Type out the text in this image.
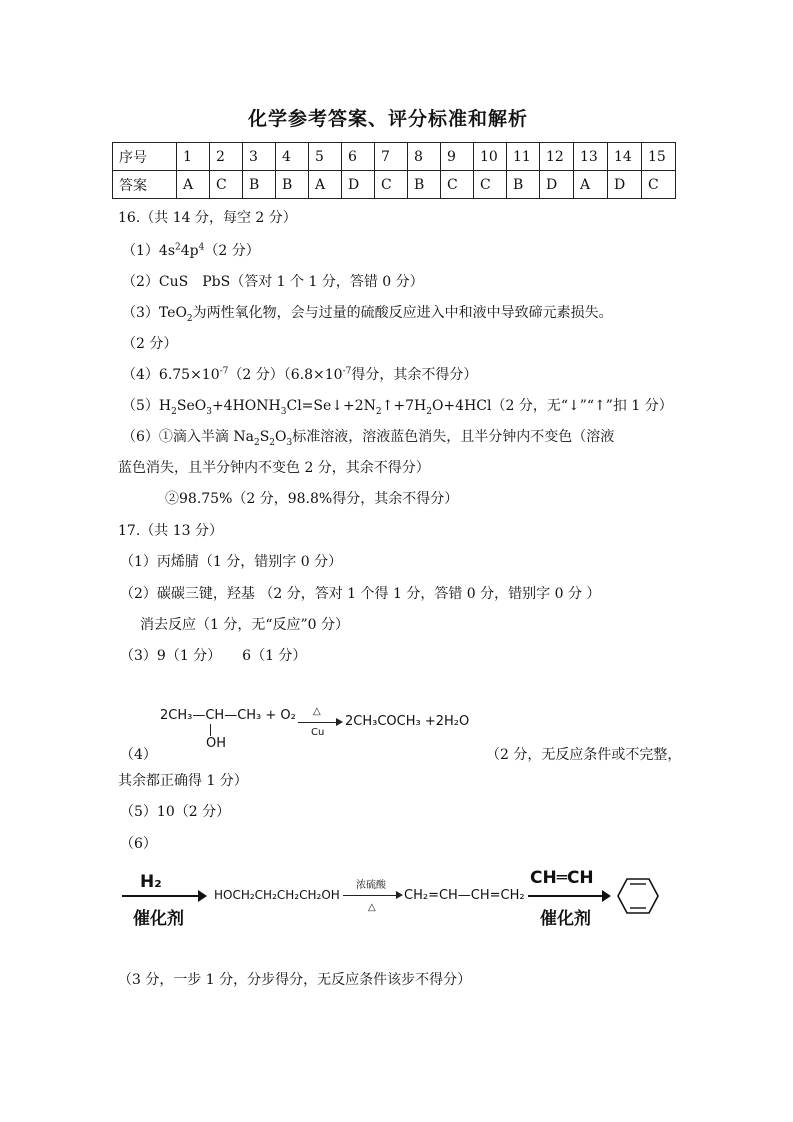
化学参考答案、评分标准和解析
序号	1	2	3	4	5	6	7	8	9	10	11	12	13	14	15
答案	A	C	B	B	A	D	C	B	C	C	B	D	A	D	C
16.（共 14 分，每空 2 分）
$(1)4s^24p^4(2$ 分）
（2）CuS　PbS（答对 1 个 1 分，答错 0 分）
（3）TeO$_2$为两性氧化物，会与过量的硫酸反应进入中和液中导致碲元素损失。
（2 分）
$(4)6.75\times 10^{-7}(2$ 分）（$6.8\times 10^{-7}$得分，其余不得分）
$(5)H_2SeO_3+4HONH_3Cl=Se↓+2N_2↑+7H_2O+4HCl(2$ 分，无“↓”“↑”扣 1 分）
（6）①滴入半滴 $Na_2S_2O_3$标准溶液，溶液蓝色消失，且半分钟内不变色（溶液
蓝色消失，且半分钟内不变色 2 分，其余不得分）
②98.75%（2 分，98.8%得分，其余不得分）
17.（共 13 分）
（1）丙烯腈（1 分，错别字 0 分）
（2）碳碳三键，羟基 （2 分，答对 1 个得 1 分，答错 0 分，错别字 0 分 ）
消去反应（1 分，无“反应”0 分）
（3）9（1 分）　　6（1 分）
2CH₃—CH—CH₃ + O₂
OH
△
Cu
2CH₃COCH₃ +2H₂O
（4）	（2 分，无反应条件或不完整，
其余都正确得 1 分）
（5）10（2 分）
（6）
H₂
催化剂
HOCH₂CH₂CH₂CH₂OH
浓硫酸
△
CH₂=CH—CH=CH₂
CH═CH
催化剂
（3 分，一步 1 分，分步得分，无反应条件该步不得分）
